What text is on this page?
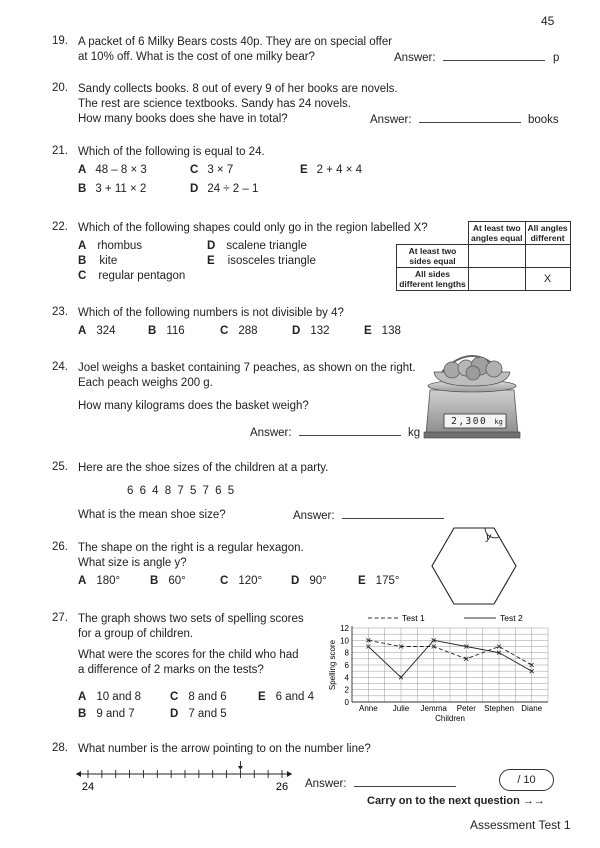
45
19. A packet of 6 Milky Bears costs 40p. They are on special offer
at 10% off. What is the cost of one milky bear?	Answer:	p
20. Sandy collects books. 8 out of every 9 of her books are novels.
The rest are science textbooks. Sandy has 24 novels.
How many books does she have in total?	Answer:	books
21. Which of the following is equal to 24.
A 48 – 8 × 3	C 3 × 7	E 2 + 4 × 4
B 3 + 11 × 2	D 24 ÷ 2 – 1
22. Which of the following shapes could only go in the region labelled X?
A rhombus	D scalene triangle
B kite	E isosceles triangle
C regular pentagon
	At least two
angles equal	All angles
different
At least two
sides equal		
All sides
different lengths		X
23. Which of the following numbers is not divisible by 4?
A 324	B 116	C 288	D 132	E 138
24. Joel weighs a basket containing 7 peaches, as shown on the right.
Each peach weighs 200 g.
How many kilograms does the basket weigh?
Answer:	kg
2,300 kg
25. Here are the shoe sizes of the children at a party.
6 6 4 8 7 5 7 6 5
What is the mean shoe size?	Answer:
26. The shape on the right is a regular hexagon.
What size is angle y?
A 180°	B 60°	C 120°	D 90°	E 175°
y
27. The graph shows two sets of spelling scores
for a group of children.
What were the scores for the child who had
a difference of 2 marks on the tests?
A 10 and 8	C 8 and 6	E 6 and 4
B 9 and 7	D 7 and 5
0
2
4
6
8
10
12
Anne Julie Jemma Peter Stephen Diane
Children
Spelling score
Test 1	Test 2
28. What number is the arrow pointing to on the number line?
24	26 Answer:	/ 10
Carry on to the next question →→
Assessment Test 1
